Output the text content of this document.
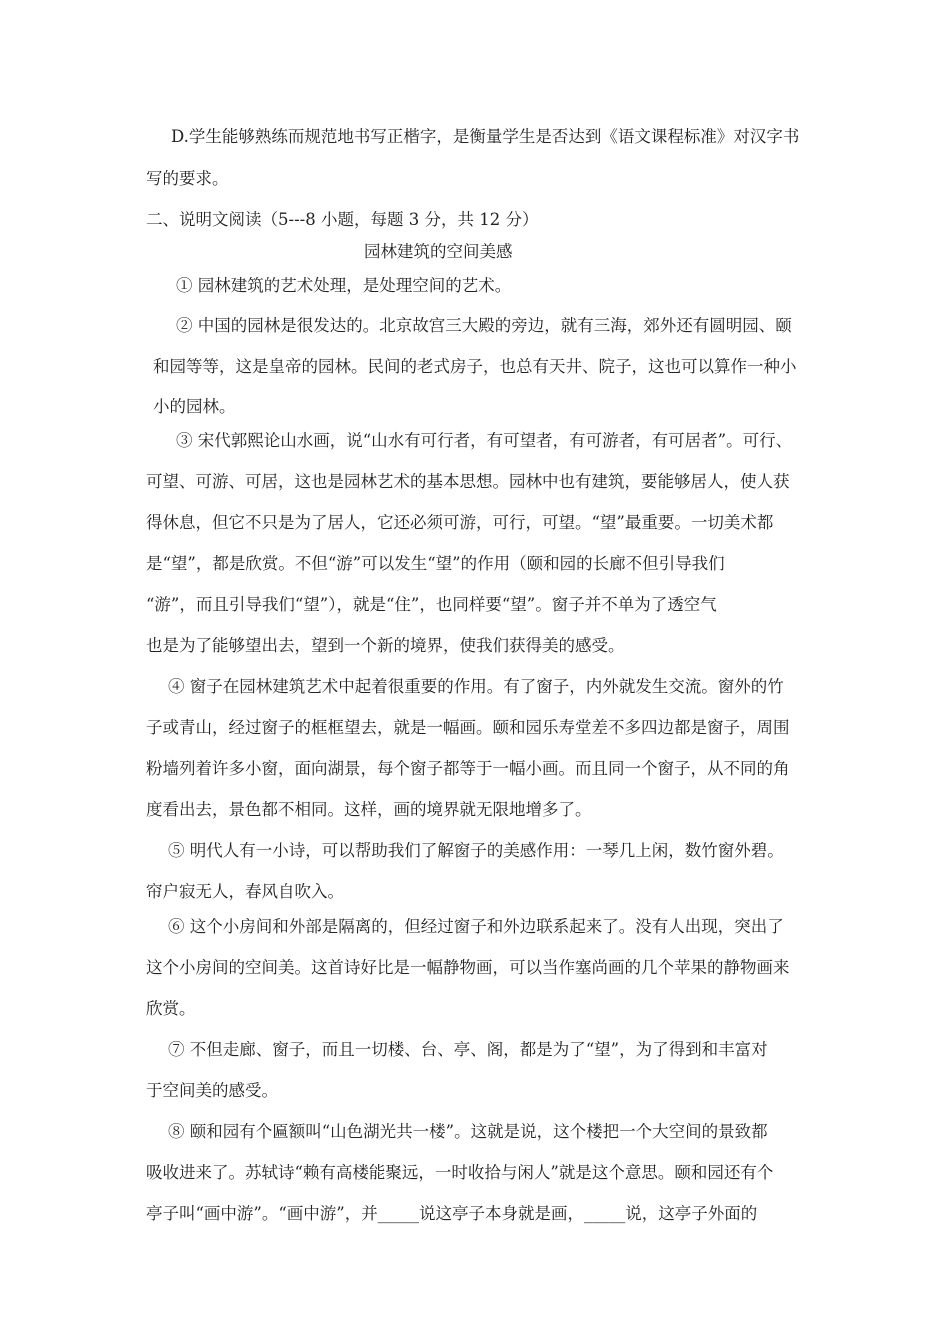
D.学生能够熟练而规范地书写正楷字，是衡量学生是否达到《语文课程标准》对汉字书
写的要求。
二、说明文阅读（5---8 小题，每题 3 分，共 12 分）
园林建筑的空间美感
① 园林建筑的艺术处理，是处理空间的艺术。
② 中国的园林是很发达的。北京故宫三大殿的旁边，就有三海，郊外还有圆明园、颐
和园等等，这是皇帝的园林。民间的老式房子，也总有天井、院子，这也可以算作一种小
小的园林。
③ 宋代郭熙论山水画，说“山水有可行者，有可望者，有可游者，有可居者”。可行、
可望、可游、可居，这也是园林艺术的基本思想。园林中也有建筑，要能够居人，使人获
得休息，但它不只是为了居人，它还必须可游，可行，可望。“望”最重要。一切美术都
是“望”，都是欣赏。不但“游”可以发生“望”的作用（颐和园的长廊不但引导我们
“游”，而且引导我们“望”），就是“住”，也同样要“望”。窗子并不单为了透空气
也是为了能够望出去，望到一个新的境界，使我们获得美的感受。
④ 窗子在园林建筑艺术中起着很重要的作用。有了窗子，内外就发生交流。窗外的竹
子或青山，经过窗子的框框望去，就是一幅画。颐和园乐寿堂差不多四边都是窗子，周围
粉墙列着许多小窗，面向湖景，每个窗子都等于一幅小画。而且同一个窗子，从不同的角
度看出去，景色都不相同。这样，画的境界就无限地增多了。
⑤ 明代人有一小诗，可以帮助我们了解窗子的美感作用：一琴几上闲，数竹窗外碧。
帘户寂无人，春风自吹入。
⑥ 这个小房间和外部是隔离的，但经过窗子和外边联系起来了。没有人出现，突出了
这个小房间的空间美。这首诗好比是一幅静物画，可以当作塞尚画的几个苹果的静物画来
欣赏。
⑦ 不但走廊、窗子，而且一切楼、台、亭、阁，都是为了“望”，为了得到和丰富对
于空间美的感受。
⑧ 颐和园有个匾额叫“山色湖光共一楼”。这就是说，这个楼把一个大空间的景致都
吸收进来了。苏轼诗“赖有高楼能聚远，一时收拾与闲人”就是这个意思。颐和园还有个
亭子叫“画中游”。“画中游”，并_____说这亭子本身就是画，_____说，这亭子外面的
